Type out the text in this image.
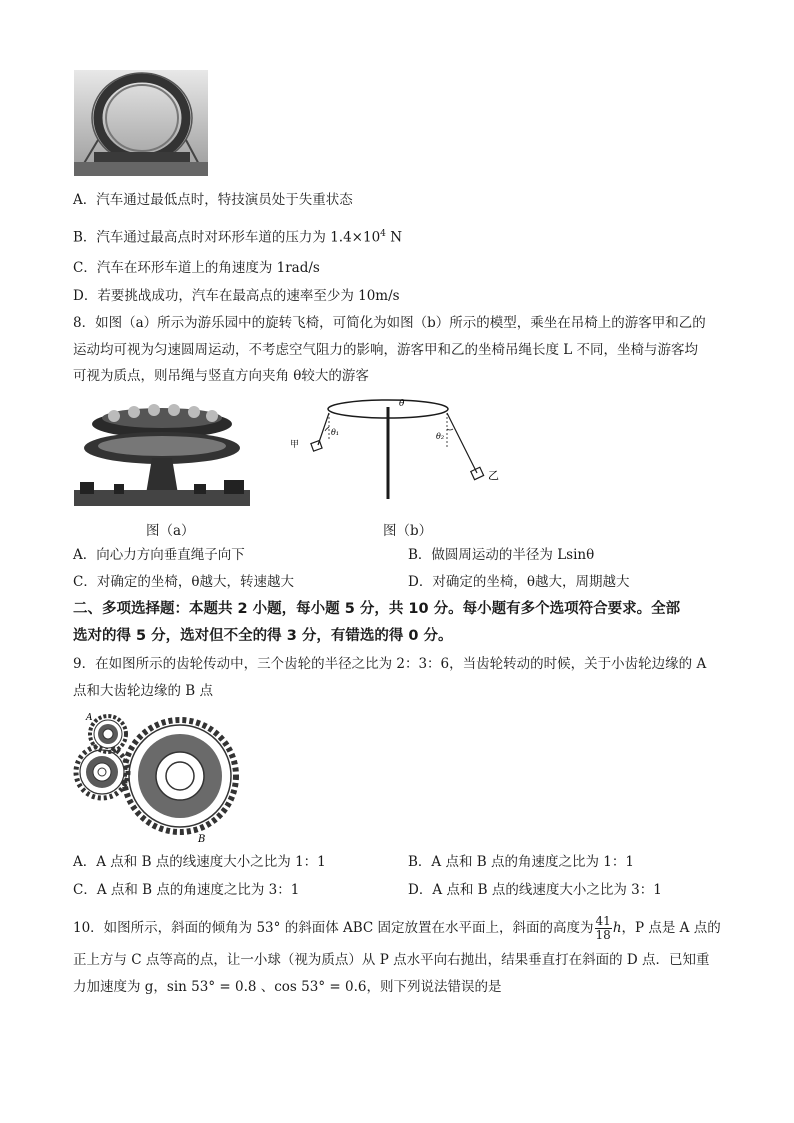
A．汽车通过最低点时，特技演员处于失重状态
B．汽车通过最高点时对环形车道的压力为 $1.4\times 10^4$ N
C．汽车在环形车道上的角速度为 1rad/s
D．若要挑战成功，汽车在最高点的速率至少为 10m/s
8．如图（a）所示为游乐园中的旋转飞椅，可简化为如图（b）所示的模型，乘坐在吊椅上的游客甲和乙的
运动均可视为匀速圆周运动，不考虑空气阻力的影响，游客甲和乙的坐椅吊绳长度 L 不同，坐椅与游客均
可视为质点，则吊绳与竖直方向夹角 θ较大的游客
图（a）
θ
θ₁	θ₂
甲
乙
图（b）
A．向心力方向垂直绳子向下	B．做圆周运动的半径为 Lsinθ
C．对确定的坐椅，θ越大，转速越大	D．对确定的坐椅，θ越大，周期越大
二、多项选择题：本题共 2 小题，每小题 5 分，共 10 分。每小题有多个选项符合要求。全部
选对的得 5 分，选对但不全的得 3 分，有错选的得 0 分。
9．在如图所示的齿轮传动中，三个齿轮的半径之比为 2：3：6，当齿轮转动的时候，关于小齿轮边缘的 A
点和大齿轮边缘的 B 点
A
B
A．A 点和 B 点的线速度大小之比为 1：1	B．A 点和 B 点的角速度之比为 1：1
C．A 点和 B 点的角速度之比为 3：1	D．A 点和 B 点的线速度大小之比为 3：1
10．如图所示，斜面的倾角为 53° 的斜面体 ABC 固定放置在水平面上，斜面的高度为 $\frac{41}{18}$ h，P 点是 A 点的
正上方与 C 点等高的点，让一小球（视为质点）从 P 点水平向右抛出，结果垂直打在斜面的 D 点．已知重
力加速度为 g，sin 53° = 0.8 、cos 53° = 0.6，则下列说法错误的是
